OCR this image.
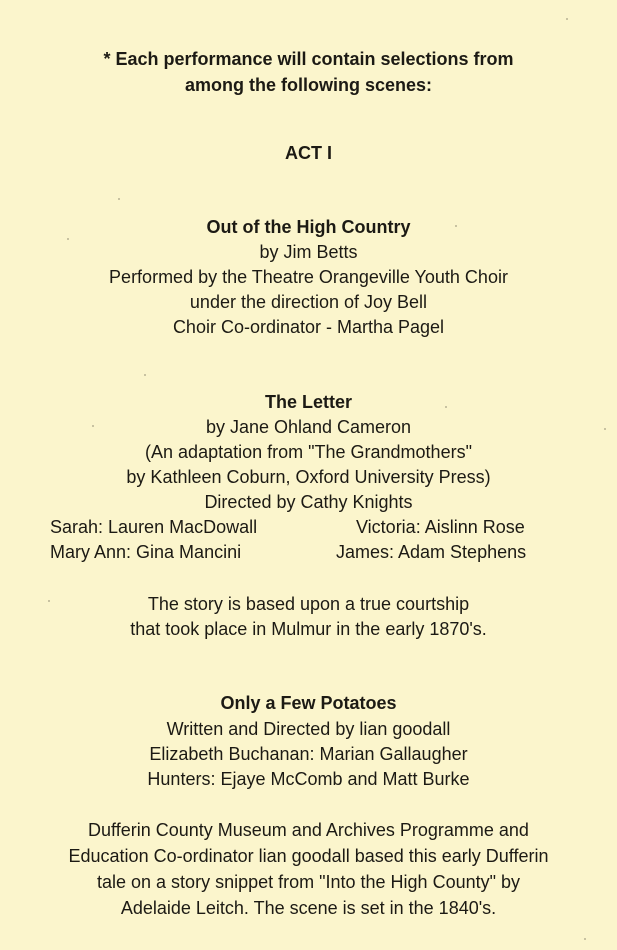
* Each performance will contain selections from
among the following scenes:
ACT I
Out of the High Country
by Jim Betts
Performed by the Theatre Orangeville Youth Choir
under the direction of Joy Bell
Choir Co-ordinator - Martha Pagel
The Letter
by Jane Ohland Cameron
(An adaptation from "The Grandmothers"
by Kathleen Coburn, Oxford University Press)
Directed by Cathy Knights
Sarah: Lauren MacDowall	Victoria: Aislinn Rose
Mary Ann: Gina Mancini	James: Adam Stephens
The story is based upon a true courtship
that took place in Mulmur in the early 1870's.
Only a Few Potatoes
Written and Directed by lian goodall
Elizabeth Buchanan: Marian Gallaugher
Hunters: Ejaye McComb and Matt Burke
Dufferin County Museum and Archives Programme and
Education Co-ordinator lian goodall based this early Dufferin
tale on a story snippet from "Into the High County" by
Adelaide Leitch. The scene is set in the 1840's.
